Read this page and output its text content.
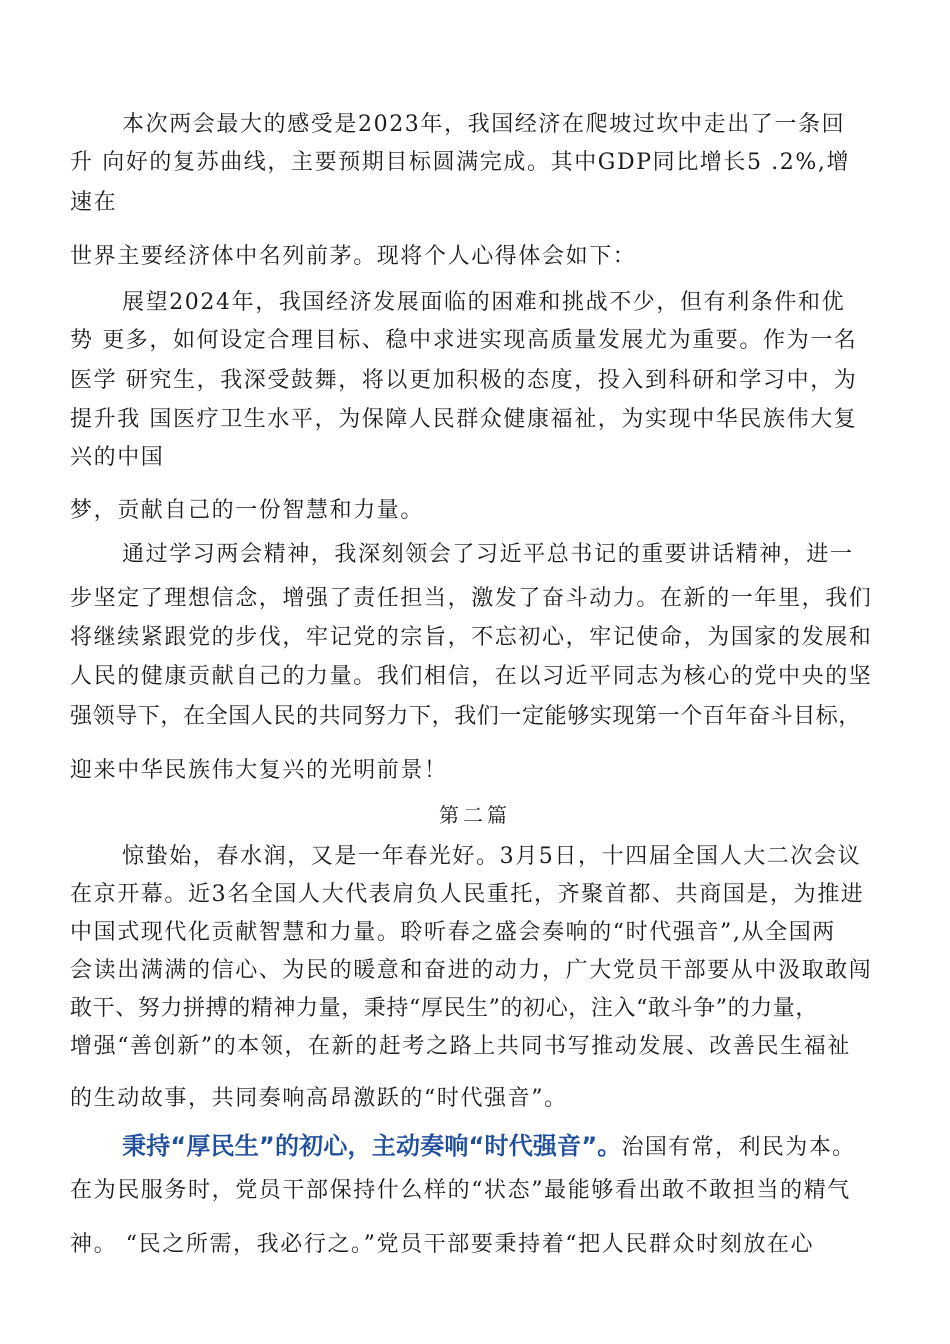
本次两会最大的感受是2023年，我国经济在爬坡过坎中走出了一条回
升 向好的复苏曲线，主要预期目标圆满完成。其中GDP同比增长5 .2%,增
速在
世界主要经济体中名列前茅。现将个人心得体会如下：
展望2024年，我国经济发展面临的困难和挑战不少，但有利条件和优
势 更多，如何设定合理目标、稳中求进实现高质量发展尤为重要。作为一名
医学 研究生，我深受鼓舞，将以更加积极的态度，投入到科研和学习中，为
提升我 国医疗卫生水平，为保障人民群众健康福祉，为实现中华民族伟大复
兴的中国
梦，贡献自己的一份智慧和力量。
通过学习两会精神，我深刻领会了习近平总书记的重要讲话精神，进一
步坚定了理想信念，增强了责任担当，激发了奋斗动力。在新的一年里，我们
将继续紧跟党的步伐，牢记党的宗旨，不忘初心，牢记使命，为国家的发展和
人民的健康贡献自己的力量。我们相信，在以习近平同志为核心的党中央的坚
强领导下，在全国人民的共同努力下，我们一定能够实现第一个百年奋斗目标，
迎来中华民族伟大复兴的光明前景！
第二篇
惊蛰始，春水润，又是一年春光好。3月5日，十四届全国人大二次会议
在京开幕。近3名全国人大代表肩负人民重托，齐聚首都、共商国是，为推进
中国式现代化贡献智慧和力量。聆听春之盛会奏响的“时代强音”,从全国两
会读出满满的信心、为民的暖意和奋进的动力，广大党员干部要从中汲取敢闯
敢干、努力拼搏的精神力量，秉持“厚民生”的初心，注入“敢斗争”的力量，
增强“善创新”的本领，在新的赶考之路上共同书写推动发展、改善民生福祉
的生动故事，共同奏响高昂激跃的“时代强音”。
秉持“厚民生”的初心，主动奏响“时代强音”。治国有常，利民为本。
在为民服务时，党员干部保持什么样的“状态”最能够看出敢不敢担当的精气
神。 “民之所需，我必行之。”党员干部要秉持着“把人民群众时刻放在心
